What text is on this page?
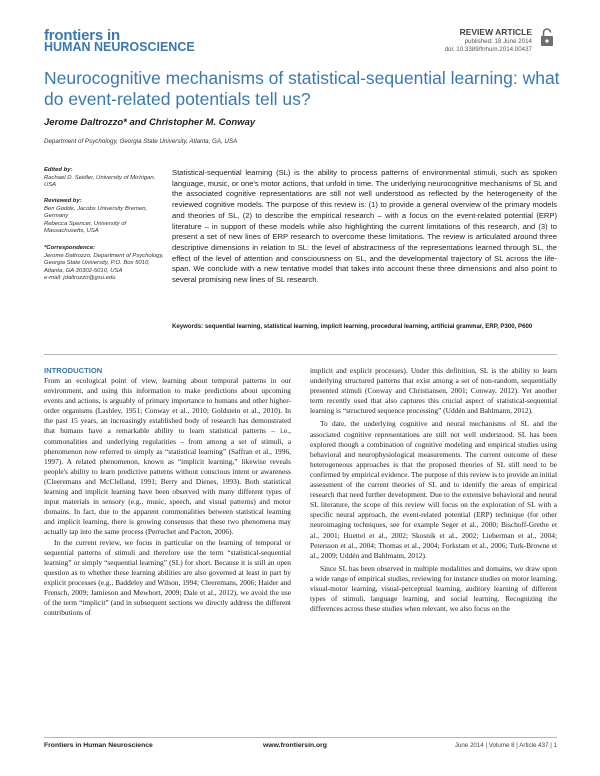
frontiers in
HUMAN NEUROSCIENCE
REVIEW ARTICLE
published: 18 June 2014
doi: 10.3389/fnhum.2014.00437
Neurocognitive mechanisms of statistical-sequential learning: what do event-related potentials tell us?
Jerome Daltrozzo* and Christopher M. Conway
Department of Psychology, Georgia State University, Atlanta, GA, USA
Edited by:
Rachael D. Seidler, University of Michigan, USA
Reviewed by:
Ben Godde, Jacobs University Bremen, Germany
Rebecca Spencer, University of Massachusetts, USA
*Correspondence:
Jerome Daltrozzo, Department of Psychology, Georgia State University, P.O. Box 5010, Atlanta, GA 30302-5010, USA
e-mail: jdaltrozzo@gsu.edu
Statistical-sequential learning (SL) is the ability to process patterns of environmental stimuli, such as spoken language, music, or one's motor actions, that unfold in time. The underlying neurocognitive mechanisms of SL and the associated cognitive representations are still not well understood as reflected by the heterogeneity of the reviewed cognitive models. The purpose of this review is: (1) to provide a general overview of the primary models and theories of SL, (2) to describe the empirical research – with a focus on the event-related potential (ERP) literature – in support of these models while also highlighting the current limitations of this research, and (3) to present a set of new lines of ERP research to overcome these limitations. The review is articulated around three descriptive dimensions in relation to SL: the level of abstractness of the representations learned through SL, the effect of the level of attention and consciousness on SL, and the developmental trajectory of SL across the life-span. We conclude with a new tentative model that takes into account these three dimensions and also point to several promising new lines of SL research.
Keywords: sequential learning, statistical learning, implicit learning, procedural learning, artificial grammar, ERP, P300, P600
INTRODUCTION

From an ecological point of view, learning about temporal patterns in our environment, and using this information to make predictions about upcoming events and actions, is arguably of primary importance to humans and other higher-order organisms (Lashley, 1951; Conway et al., 2010; Goldstein et al., 2010). In the past 15 years, an increasingly established body of research has demonstrated that humans have a remarkable ability to learn statistical patterns – i.e., commonalities and underlying regularities – from among a set of stimuli, a phenomenon now referred to simply as “statistical learning” (Saffran et al., 1996, 1997). A related phenomenon, known as “implicit learning,” likewise reveals people's ability to learn predictive patterns without conscious intent or awareness (Cleeremans and McClelland, 1991; Berry and Dienes, 1993). Both statistical learning and implicit learning have been observed with many different types of input materials in sensory (e.g., music, speech, and visual patterns) and motor domains. In fact, due to the apparent commonalities between statistical learning and implicit learning, there is growing consensus that these two phenomena may actually tap into the same process (Perruchet and Pacton, 2006).

In the current review, we focus in particular on the learning of temporal or sequential patterns of stimuli and therefore use the term “statistical-sequential learning” or simply “sequential learning” (SL) for short. Because it is still an open question as to whether these learning abilities are also governed at least in part by explicit processes (e.g., Baddeley and Wilson, 1994; Cleeremans, 2006; Haider and Frensch, 2009; Jamieson and Mewhort, 2009; Dale et al., 2012), we avoid the use of the term “implicit” (and in subsequent sections we directly address the different contributions of

implicit and explicit processes). Under this definition, SL is the ability to learn underlying structured patterns that exist among a set of non-random, sequentially presented stimuli (Conway and Christiansen, 2001; Conway, 2012). Yet another term recently used that also captures this crucial aspect of statistical-sequential learning is “structured sequence processing” (Uddén and Bahlmann, 2012).

To date, the underlying cognitive and neural mechanisms of SL and the associated cognitive representations are still not well understood. SL has been explored though a combination of cognitive modeling and empirical studies using behavioral and neurophysiological measurements. The current outcome of these heterogeneous approaches is that the proposed theories of SL still need to be confirmed by empirical evidence. The purpose of this review is to provide an initial assessment of the current theories of SL and to identify the areas of empirical research that need further development. Due to the extensive behavioral and neural SL literature, the scope of this review will focus on the exploration of SL with a specific neural approach, the event-related potential (ERP) technique (for other neuroimaging techniques, see for example Seger et al., 2000; Bischoff-Grethe et al., 2001; Huettel et al., 2002; Skosnik et al., 2002; Lieberman et al., 2004; Petersson et al., 2004; Thomas et al., 2004; Forkstam et al., 2006; Turk-Browne et al., 2009; Uddén and Bahlmann, 2012).

Since SL has been observed in multiple modalities and domains, we draw upon a wide range of empirical studies, reviewing for instance studies on motor learning, visual-motor learning, visual-perceptual learning, auditory learning of different types of stimuli, language learning, and social learning. Recognizing the differences across these studies when relevant, we also focus on the

Frontiers in Human Neuroscience	www.frontiersin.org	June 2014 | Volume 8 | Article 437 | 1
